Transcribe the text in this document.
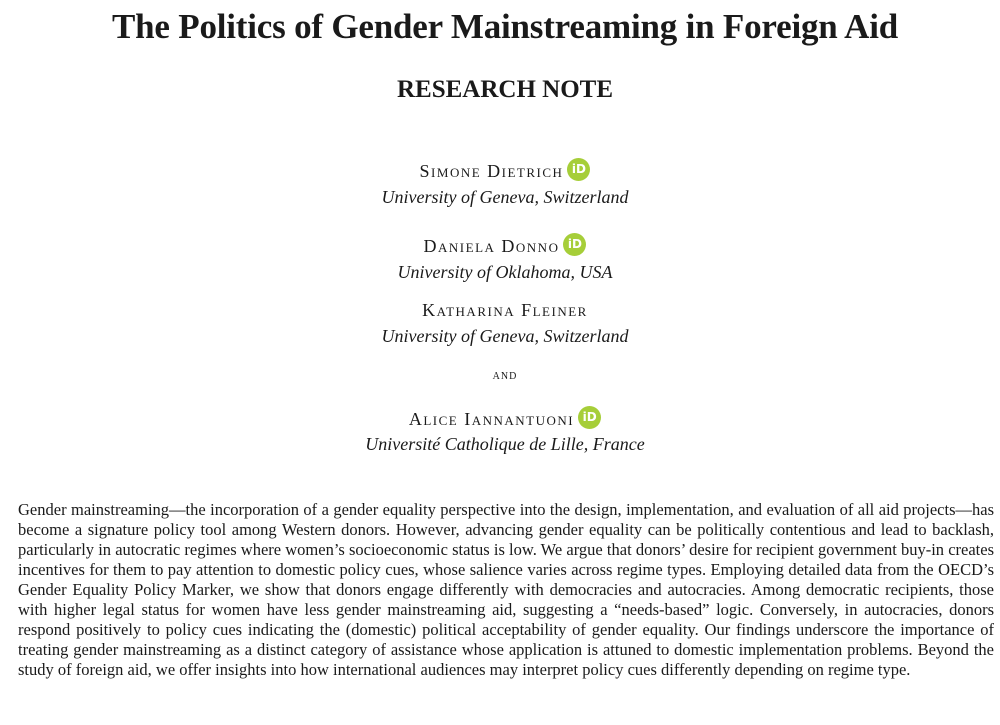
The Politics of Gender Mainstreaming in Foreign Aid
RESEARCH NOTE
Simone Dietrich iD
University of Geneva, Switzerland
Daniela Donno iD
University of Oklahoma, USA
Katharina Fleiner
University of Geneva, Switzerland
and
Alice Iannantuoni iD
Université Catholique de Lille, France

Gender mainstreaming—the incorporation of a gender equality perspective into the design, implementation, and evaluation of all aid projects—has become a signature policy tool among Western donors. However, advancing gender equality can be politically contentious and lead to backlash, particularly in autocratic regimes where women’s socioeconomic status is low. We argue that donors’ desire for recipient government buy-in creates incentives for them to pay attention to domestic policy cues, whose salience varies across regime types. Employing detailed data from the OECD’s Gender Equality Policy Marker, we show that donors engage differently with democracies and autocracies. Among democratic recipients, those with higher legal status for women have less gender mainstreaming aid, suggesting a “needs-based” logic. Conversely, in autocracies, donors respond positively to policy cues indicating the (domestic) political acceptability of gender equality. Our findings underscore the importance of treating gender mainstreaming as a distinct category of assistance whose application is attuned to domestic implementation problems. Beyond the study of foreign aid, we offer insights into how international audiences may interpret policy cues differently depending on regime type.
